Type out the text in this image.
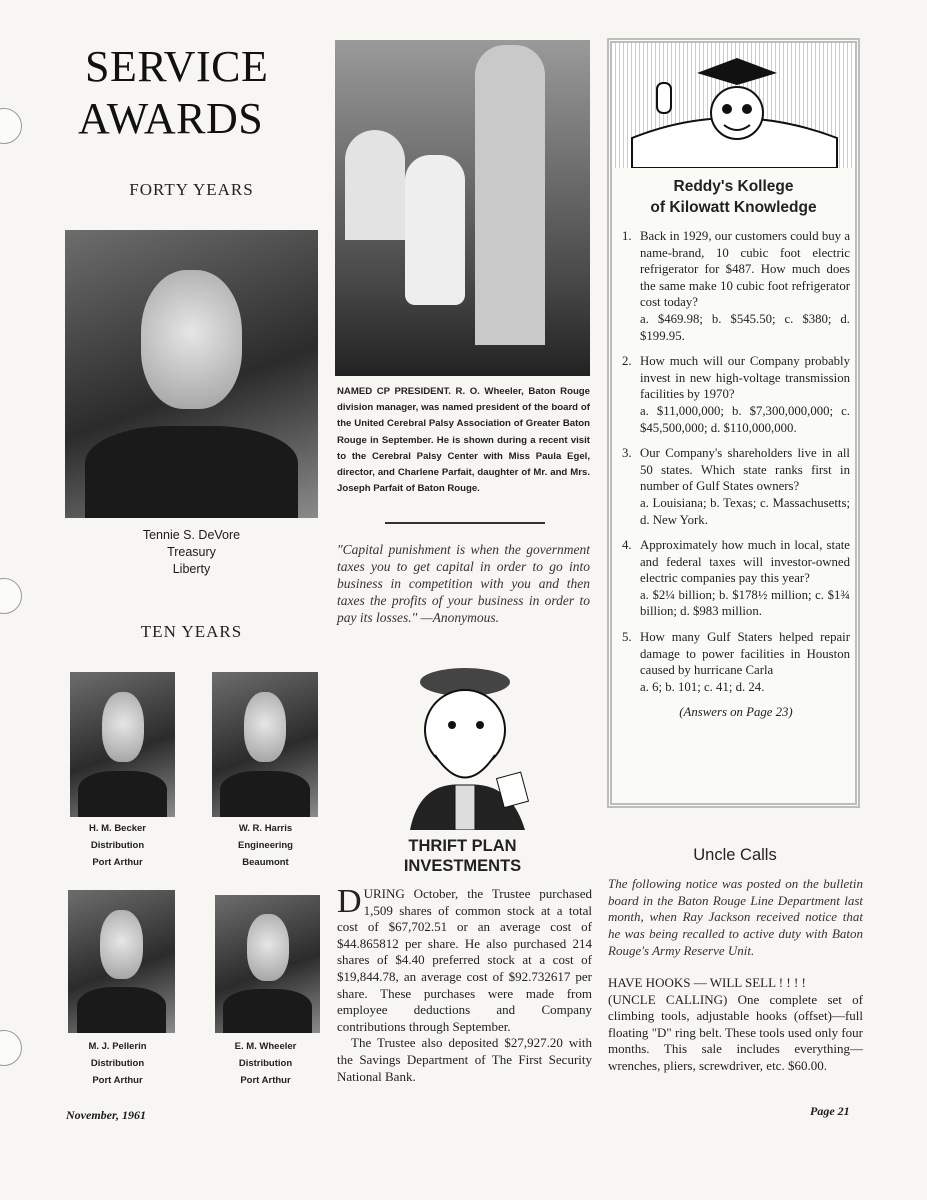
SERVICE
AWARDS
FORTY YEARS
Tennie S. DeVore
Treasury
Liberty
TEN YEARS
H. M. Becker
Distribution
Port Arthur
W. R. Harris
Engineering
Beaumont
M. J. Pellerin
Distribution
Port Arthur
E. M. Wheeler
Distribution
Port Arthur
NAMED CP PRESIDENT. R. O. Wheeler, Baton Rouge division manager, was named president of the board of the United Cerebral Palsy Association of Greater Baton Rouge in September. He is shown during a recent visit to the Cerebral Palsy Center with Miss Paula Egel, director, and Charlene Parfait, daughter of Mr. and Mrs. Joseph Parfait of Baton Rouge.
"Capital punishment is when the government taxes you to get capital in order to go into business in competition with you and then taxes the profits of your business in order to pay its losses." —Anonymous.
THRIFT PLAN
INVESTMENTS
DURING October, the Trustee purchased 1,509 shares of common stock at a total cost of $67,702.51 or an average cost of $44.865812 per share. He also purchased 214 shares of $4.40 preferred stock at a cost of $19,844.78, an average cost of $92.732617 per share. These purchases were made from employee deductions and Company contributions through September.
The Trustee also deposited $27,927.20 with the Savings Department of The First Security National Bank.
Reddy's Kollege
of Kilowatt Knowledge
1. Back in 1929, our customers could buy a name-brand, 10 cubic foot electric refrigerator for $487. How much does the same make 10 cubic foot refrigerator cost today?
a. $469.98; b. $545.50; c. $380; d. $199.95.
2. How much will our Company probably invest in new high-voltage transmission facilities by 1970?
a. $11,000,000; b. $7,300,000,000; c. $45,500,000; d. $110,000,000.
3. Our Company's shareholders live in all 50 states. Which state ranks first in number of Gulf States owners?
a. Louisiana; b. Texas; c. Massachusetts; d. New York.
4. Approximately how much in local, state and federal taxes will investor-owned electric companies pay this year?
a. $2¼ billion; b. $178½ million; c. $1¾ billion; d. $983 million.
5. How many Gulf Staters helped repair damage to power facilities in Houston caused by hurricane Carla
a. 6; b. 101; c. 41; d. 24.
(Answers on Page 23)
Uncle Calls
The following notice was posted on the bulletin board in the Baton Rouge Line Department last month, when Ray Jackson received notice that he was being recalled to active duty with Baton Rouge's Army Reserve Unit.
HAVE HOOKS — WILL SELL ! ! ! !
(UNCLE CALLING) One complete set of climbing tools, adjustable hooks (offset)—full floating "D" ring belt. These tools used only four months. This sale includes everything—wrenches, pliers, screwdriver, etc. $60.00.
November, 1961	Page 21
